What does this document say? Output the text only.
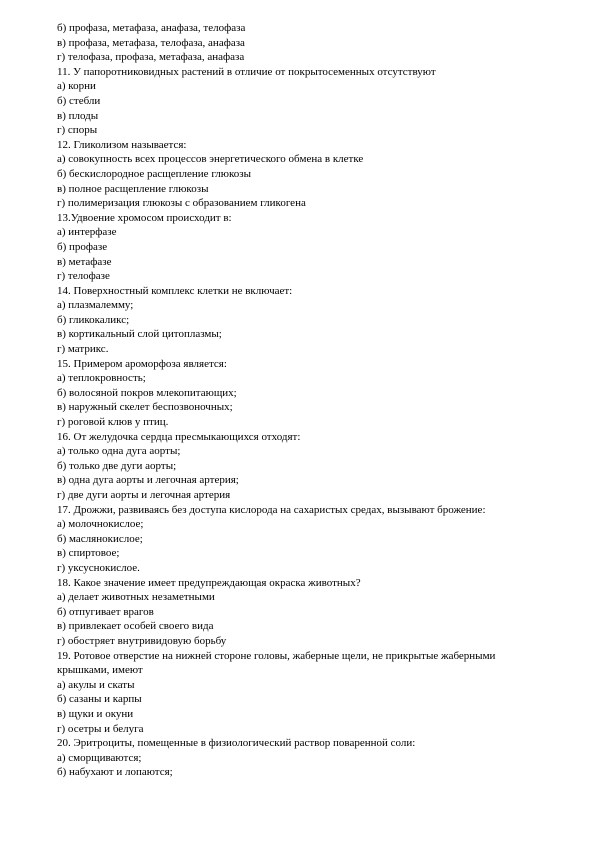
б) профаза, метафаза, анафаза, телофаза
в) профаза, метафаза, телофаза, анафаза
г) телофаза, профаза, метафаза, анафаза
11. У папоротниковидных растений в отличие от покрытосеменных отсутствуют
а) корни
б) стебли
в) плоды
г) споры
12. Гликолизом называется:
а) совокупность всех процессов энергетического обмена в клетке
б) бескислородное расщепление глюкозы
в) полное расщепление глюкозы
г) полимеризация глюкозы с образованием гликогена
13.Удвоение хромосом происходит в:
а) интерфазе
б) профазе
в) метафазе
г) телофазе
14. Поверхностный комплекс клетки не включает:
а) плазмалемму;
б) гликокаликс;
в) кортикальный слой цитоплазмы;
г) матрикс.
15. Примером ароморфоза является:
а) теплокровность;
б) волосяной покров млекопитающих;
в) наружный скелет беспозвоночных;
г) роговой клюв у птиц.
16. От желудочка сердца пресмыкающихся отходят:
а) только одна дуга аорты;
б) только две дуги аорты;
в) одна дуга аорты и легочная артерия;
г) две дуги аорты и легочная артерия
17. Дрожжи, развиваясь без доступа кислорода на сахаристых средах, вызывают брожение:
а) молочнокислое;
б) маслянокислое;
в) спиртовое;
г) уксуснокислое.
18. Какое значение имеет предупреждающая окраска животных?
а) делает животных незаметными
б) отпугивает врагов
в) привлекает особей своего вида
г) обостряет внутривидовую борьбу
19. Ротовое отверстие на нижней стороне головы, жаберные щели, не прикрытые жаберными крышками, имеют
а) акулы и скаты
б) сазаны и карпы
в) щуки и окуни
г) осетры и белуга
20. Эритроциты, помещенные в физиологический раствор поваренной соли:
а) сморщиваются;
б) набухают и лопаются;
